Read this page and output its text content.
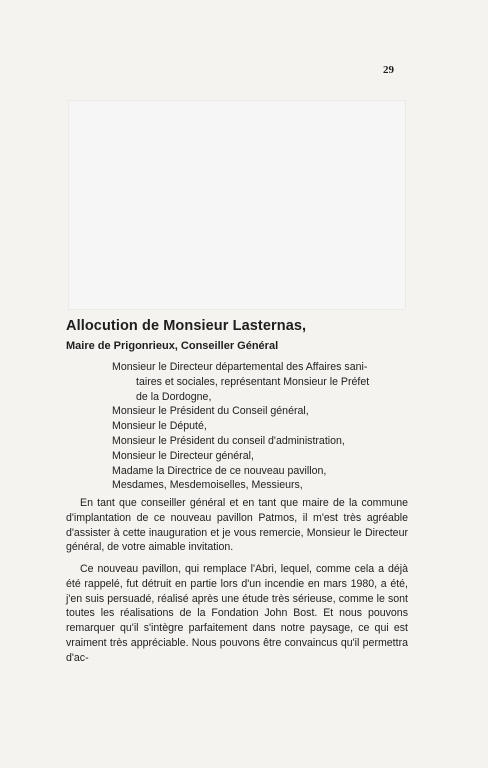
29
Allocution de Monsieur Lasternas,
Maire de Prigonrieux, Conseiller Général
Monsieur le Directeur départemental des Affaires sani-
taires et sociales, représentant Monsieur le Préfet
de la Dordogne,
Monsieur le Président du Conseil général,
Monsieur le Député,
Monsieur le Président du conseil d'administration,
Monsieur le Directeur général,
Madame la Directrice de ce nouveau pavillon,
Mesdames, Mesdemoiselles, Messieurs,

En tant que conseiller général et en tant que maire de la commune d'implantation de ce nouveau pavillon Patmos, il m'est très agréable d'assister à cette inauguration et je vous remercie, Monsieur le Directeur général, de votre aimable invitation.

Ce nouveau pavillon, qui remplace l'Abri, lequel, comme cela a déjà été rappelé, fut détruit en partie lors d'un incendie en mars 1980, a été, j'en suis persuadé, réalisé après une étude très sérieuse, comme le sont toutes les réalisations de la Fondation John Bost. Et nous pouvons remarquer qu'il s'intègre parfaitement dans notre paysage, ce qui est vraiment très appréciable. Nous pouvons être convaincus qu'il permettra d'ac-
